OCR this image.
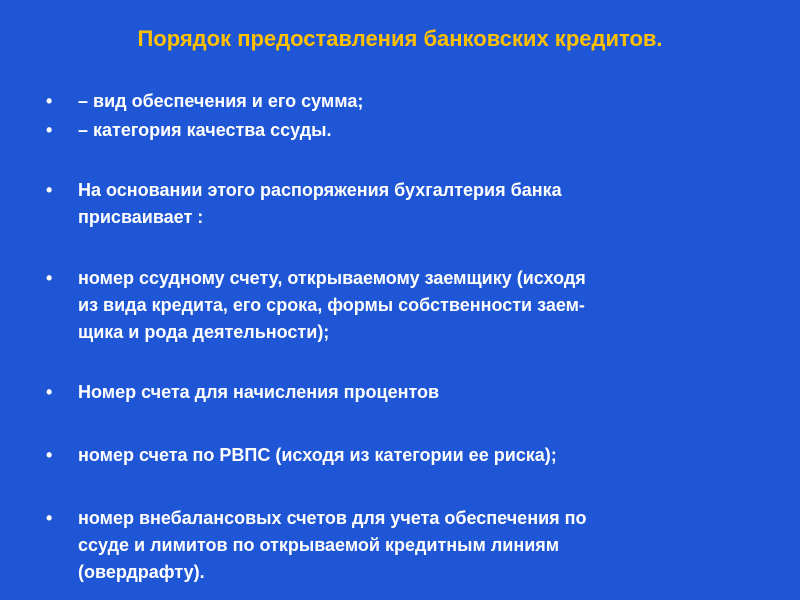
Порядок предоставления банковских кредитов.
•	– вид обеспечения и его сумма;
•	– категория качества ссуды.
•	На основании этого распоряжения бухгалтерия банка
присваивает :
•	номер ссудному счету, открываемому заемщику (исходя
из вида кредита, его срока, формы собственности заем-
щика и рода деятельности);
•	Номер счета для начисления процентов
•	номер счета по РВПС (исходя из категории ее риска);
•	номер внебалансовых счетов для учета обеспечения по
ссуде и лимитов по открываемой кредитным линиям
(овердрафту).
